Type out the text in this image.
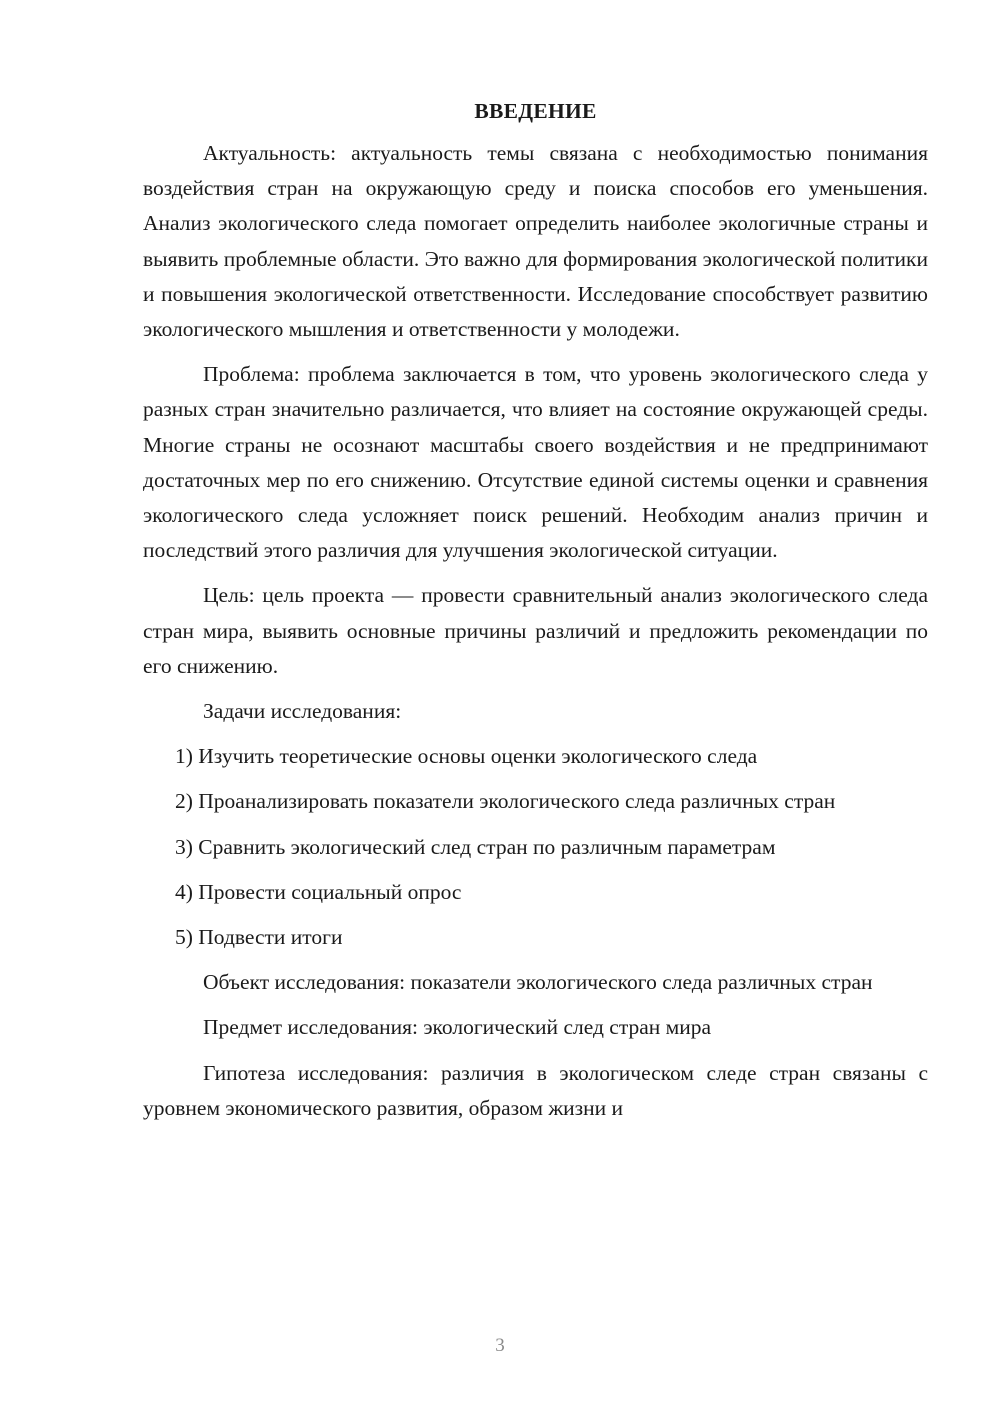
ВВЕДЕНИЕ

Актуальность: актуальность темы связана с необходимостью понимания воздействия стран на окружающую среду и поиска способов его уменьшения. Анализ экологического следа помогает определить наиболее экологичные страны и выявить проблемные области. Это важно для формирования экологической политики и повышения экологической ответственности. Исследование способствует развитию экологического мышления и ответственности у молодежи.

Проблема: проблема заключается в том, что уровень экологического следа у разных стран значительно различается, что влияет на состояние окружающей среды. Многие страны не осознают масштабы своего воздействия и не предпринимают достаточных мер по его снижению. Отсутствие единой системы оценки и сравнения экологического следа усложняет поиск решений. Необходим анализ причин и последствий этого различия для улучшения экологической ситуации.

Цель: цель проекта — провести сравнительный анализ экологического следа стран мира, выявить основные причины различий и предложить рекомендации по его снижению.

Задачи исследования:

1) Изучить теоретические основы оценки экологического следа

2) Проанализировать показатели экологического следа различных стран

3) Сравнить экологический след стран по различным параметрам

4) Провести социальный опрос

5) Подвести итоги

Объект исследования: показатели экологического следа различных стран

Предмет исследования: экологический след стран мира

Гипотеза исследования: различия в экологическом следе стран связаны с уровнем экономического развития, образом жизни и

3
